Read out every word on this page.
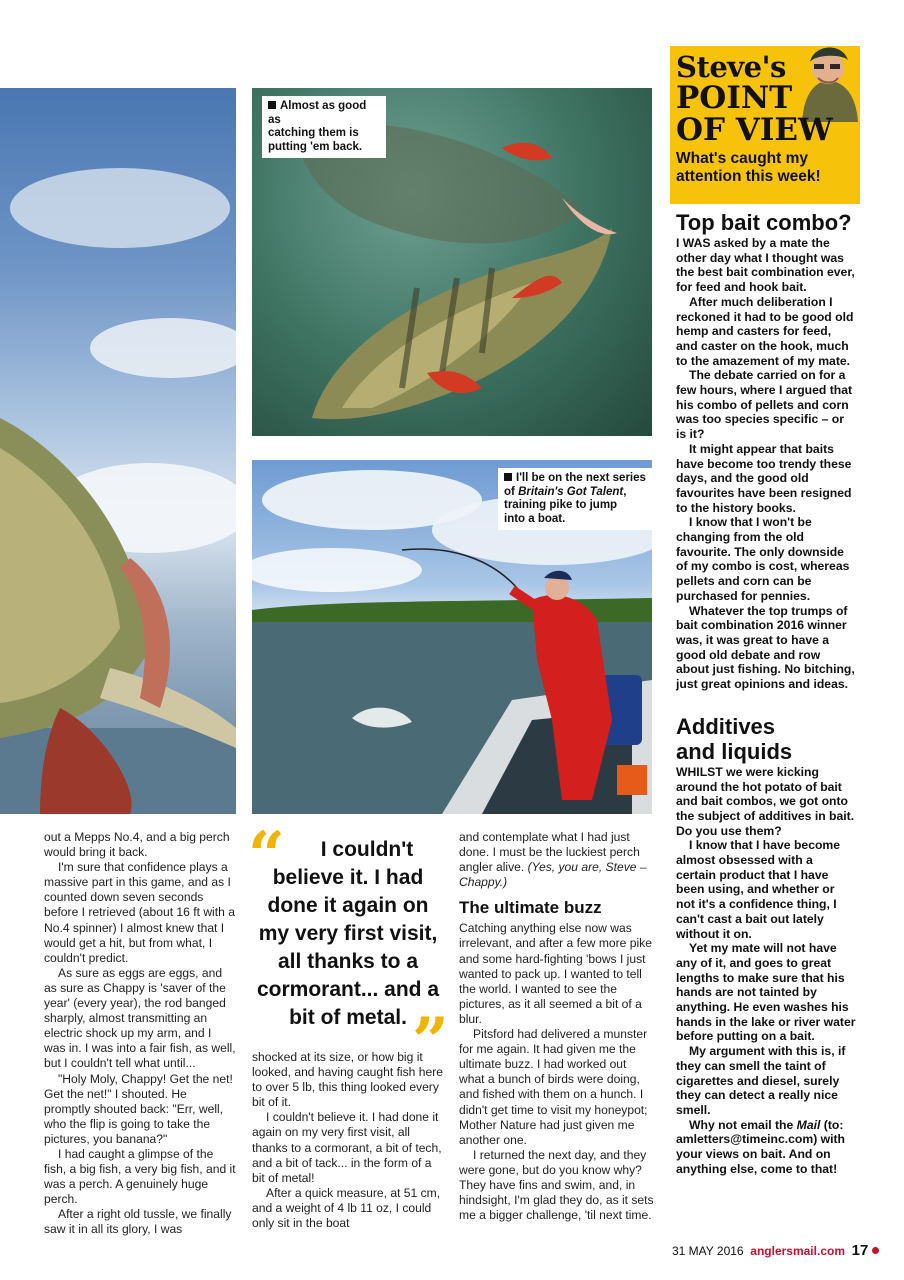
Almost as good as
catching them is
putting 'em back.
I'll be on the next series
of Britain's Got Talent,
training pike to jump
into a boat.

out a Mepps No.4, and a big perch would bring it back.

I'm sure that confidence plays a massive part in this game, and as I counted down seven seconds before I retrieved (about 16 ft with a No.4 spinner) I almost knew that I would get a hit, but from what, I couldn't predict.

As sure as eggs are eggs, and as sure as Chappy is 'saver of the year' (every year), the rod banged sharply, almost transmitting an electric shock up my arm, and I was in. I was into a fair fish, as well, but I couldn't tell what until...

"Holy Moly, Chappy! Get the net! Get the net!" I shouted. He promptly shouted back: "Err, well, who the flip is going to take the pictures, you banana?"

I had caught a glimpse of the fish, a big fish, a very big fish, and it was a perch. A genuinely huge perch.

After a right old tussle, we finally saw it in all its glory, I was

“	I couldn't believe it. I had done it again on my very first visit, all thanks to a cormorant... and a bit of metal. ”

shocked at its size, or how big it looked, and having caught fish here to over 5 lb, this thing looked every bit of it.

I couldn't believe it. I had done it again on my very first visit, all thanks to a cormorant, a bit of tech, and a bit of tack... in the form of a bit of metal!

After a quick measure, at 51 cm, and a weight of 4 lb 11 oz, I could only sit in the boat

and contemplate what I had just done. I must be the luckiest perch angler alive. (Yes, you are, Steve – Chappy.)

The ultimate buzz

Catching anything else now was irrelevant, and after a few more pike and some hard-fighting 'bows I just wanted to pack up. I wanted to tell the world. I wanted to see the pictures, as it all seemed a bit of a blur.

Pitsford had delivered a munster for me again. It had given me the ultimate buzz. I had worked out what a bunch of birds were doing, and fished with them on a hunch. I didn't get time to visit my honeypot; Mother Nature had just given me another one.

I returned the next day, and they were gone, but do you know why? They have fins and swim, and, in hindsight, I'm glad they do, as it sets me a bigger challenge, 'til next time.

Steve's
POINT
OF VIEW
What's caught my attention this week!
Top bait combo?

I WAS asked by a mate the other day what I thought was the best bait combination ever, for feed and hook bait.

After much deliberation I reckoned it had to be good old hemp and casters for feed, and caster on the hook, much to the amazement of my mate.

The debate carried on for a few hours, where I argued that his combo of pellets and corn was too species specific – or is it?

It might appear that baits have become too trendy these days, and the good old favourites have been resigned to the history books.

I know that I won't be changing from the old favourite. The only downside of my combo is cost, whereas pellets and corn can be purchased for pennies.

Whatever the top trumps of bait combination 2016 winner was, it was great to have a good old debate and row about just fishing. No bitching, just great opinions and ideas.

Additives
and liquids

WHILST we were kicking around the hot potato of bait and bait combos, we got onto the subject of additives in bait. Do you use them?

I know that I have become almost obsessed with a certain product that I have been using, and whether or not it's a confidence thing, I can't cast a bait out lately without it on.

Yet my mate will not have any of it, and goes to great lengths to make sure that his hands are not tainted by anything. He even washes his hands in the lake or river water before putting on a bait.

My argument with this is, if they can smell the taint of cigarettes and diesel, surely they can detect a really nice smell.

Why not email the Mail (to: amletters@timeinc.com) with your views on bait. And on anything else, come to that!

31 MAY 2016 anglersmail.com 17
